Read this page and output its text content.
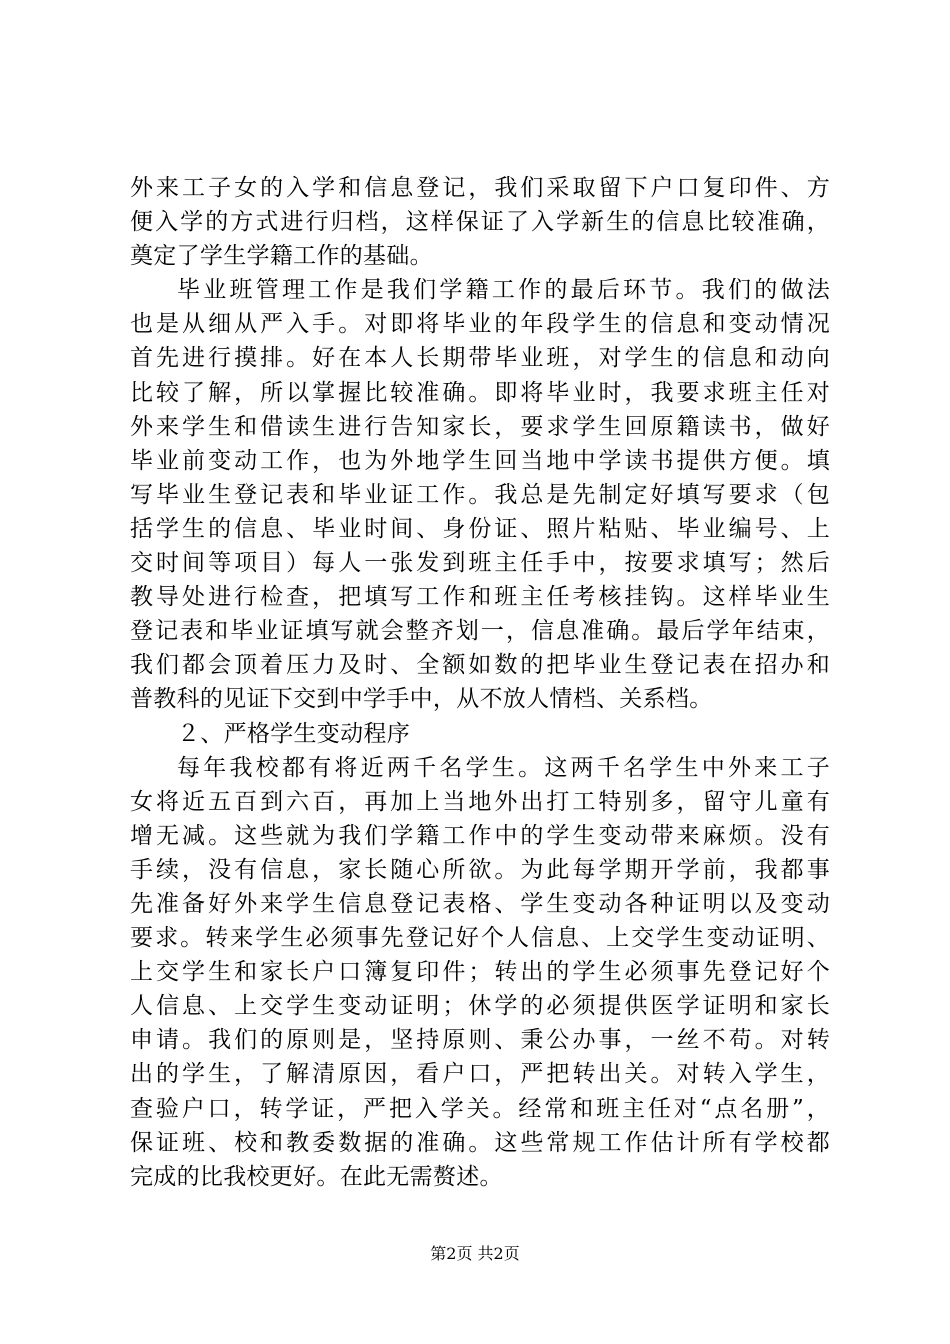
外来工子女的入学和信息登记，我们采取留下户口复印件、方
便入学的方式进行归档，这样保证了入学新生的信息比较准确，
奠定了学生学籍工作的基础。
毕业班管理工作是我们学籍工作的最后环节。我们的做法
也是从细从严入手。对即将毕业的年段学生的信息和变动情况
首先进行摸排。好在本人长期带毕业班，对学生的信息和动向
比较了解，所以掌握比较准确。即将毕业时，我要求班主任对
外来学生和借读生进行告知家长，要求学生回原籍读书，做好
毕业前变动工作，也为外地学生回当地中学读书提供方便。填
写毕业生登记表和毕业证工作。我总是先制定好填写要求（包
括学生的信息、毕业时间、身份证、照片粘贴、毕业编号、上
交时间等项目）每人一张发到班主任手中，按要求填写；然后
教导处进行检查，把填写工作和班主任考核挂钩。这样毕业生
登记表和毕业证填写就会整齐划一，信息准确。最后学年结束，
我们都会顶着压力及时、全额如数的把毕业生登记表在招办和
普教科的见证下交到中学手中，从不放人情档、关系档。
２、严格学生变动程序
每年我校都有将近两千名学生。这两千名学生中外来工子
女将近五百到六百，再加上当地外出打工特别多，留守儿童有
增无减。这些就为我们学籍工作中的学生变动带来麻烦。没有
手续，没有信息，家长随心所欲。为此每学期开学前，我都事
先准备好外来学生信息登记表格、学生变动各种证明以及变动
要求。转来学生必须事先登记好个人信息、上交学生变动证明、
上交学生和家长户口簿复印件；转出的学生必须事先登记好个
人信息、上交学生变动证明；休学的必须提供医学证明和家长
申请。我们的原则是，坚持原则、秉公办事，一丝不苟。对转
出的学生，了解清原因，看户口，严把转出关。对转入学生，
查验户口，转学证，严把入学关。经常和班主任对“点名册”，
保证班、校和教委数据的准确。这些常规工作估计所有学校都
完成的比我校更好。在此无需赘述。
第2页 共2页
